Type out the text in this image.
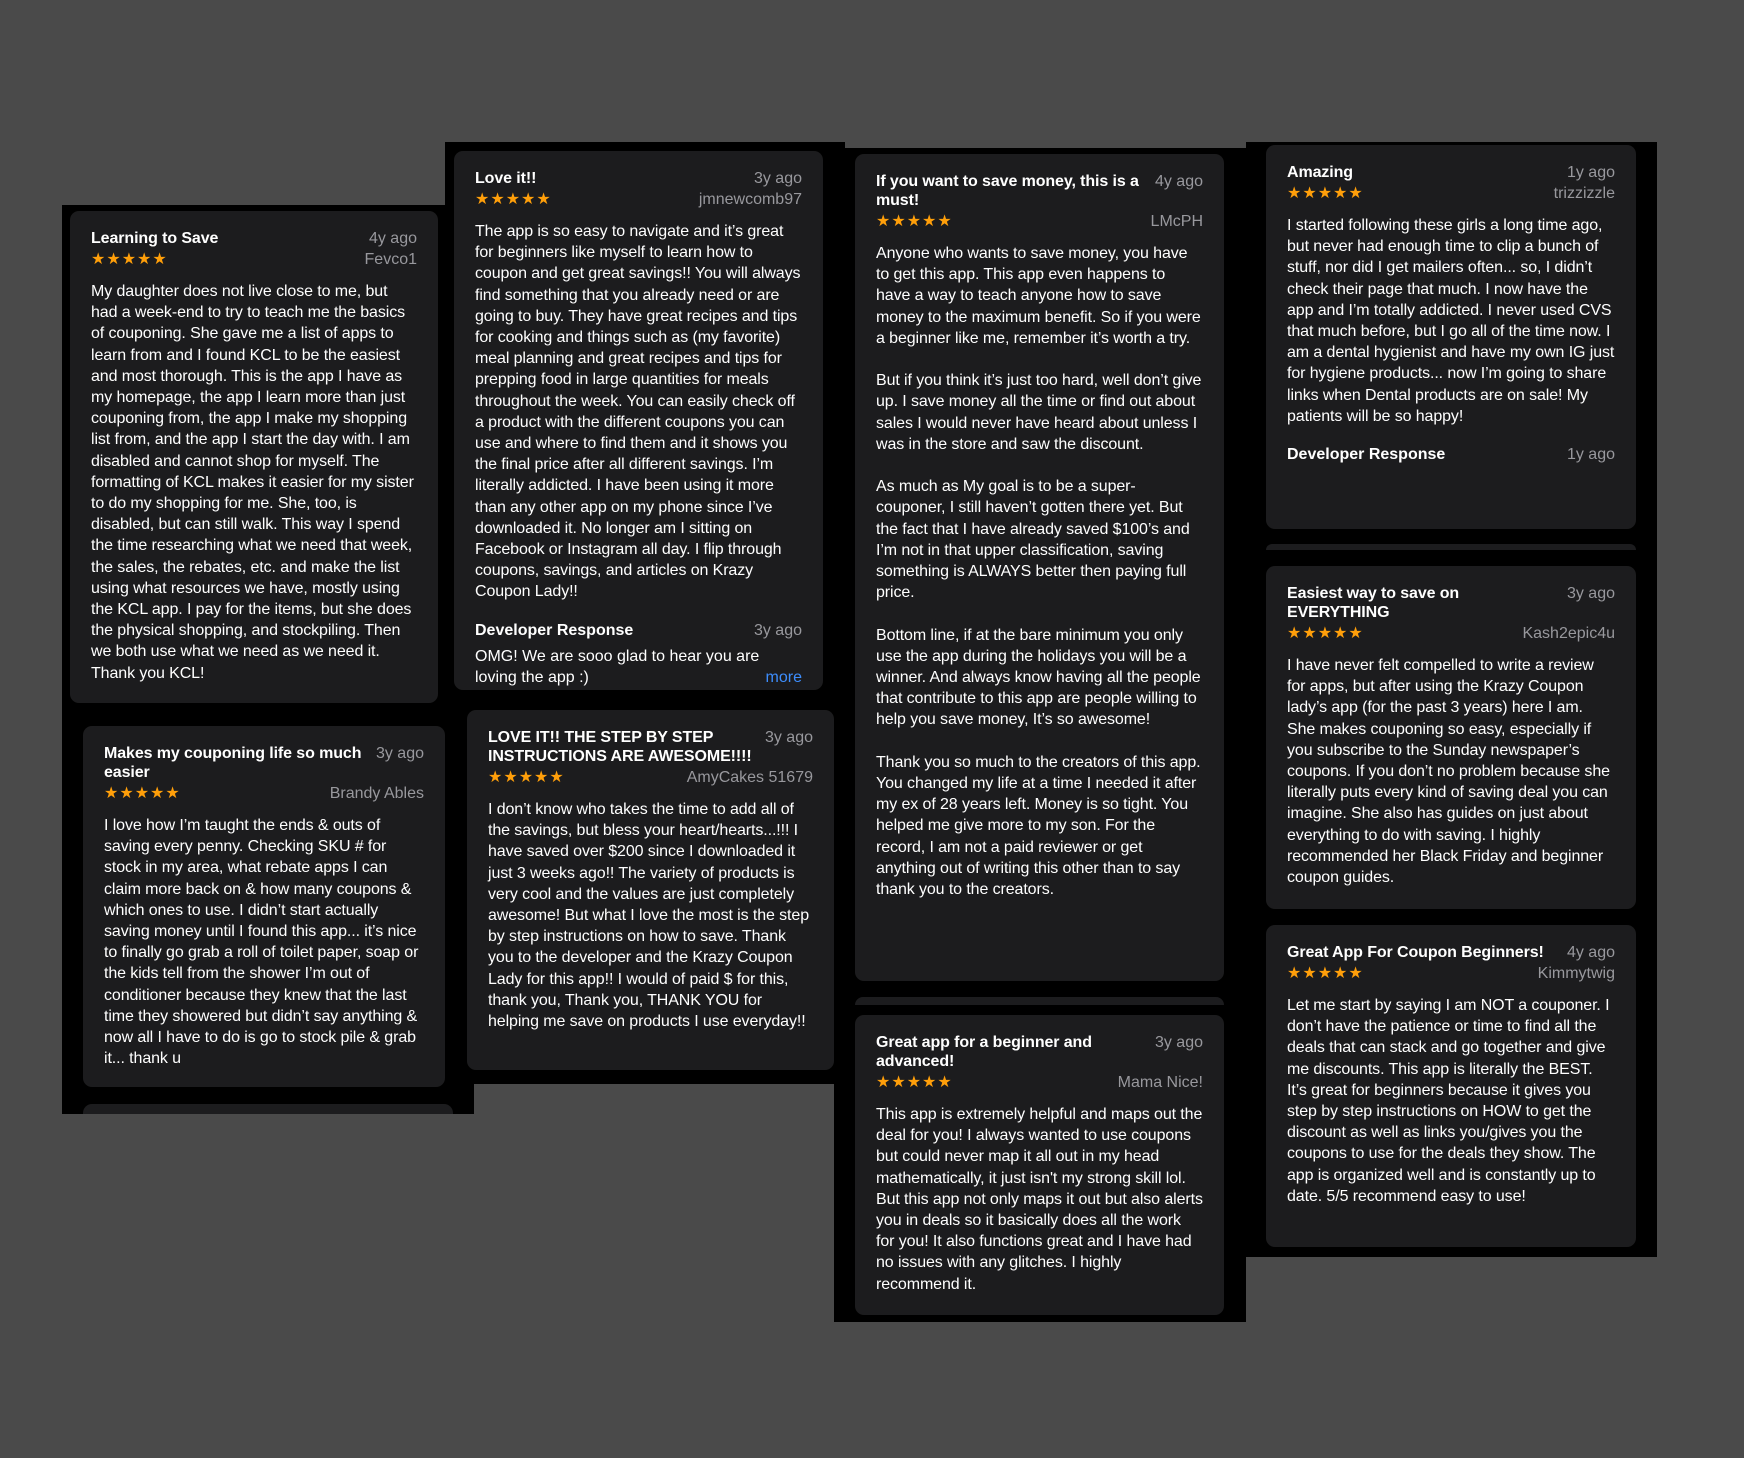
Learning to Save	4y ago
★★★★★	Fevco1
My daughter does not live close to me, but had a week-end to try to teach me the basics of couponing. She gave me a list of apps to learn from and I found KCL to be the easiest and most thorough. This is the app I have as my homepage, the app I learn more than just couponing from, the app I make my shopping list from, and the app I start the day with. I am disabled and cannot shop for myself. The formatting of KCL makes it easier for my sister to do my shopping for me. She, too, is disabled, but can still walk. This way I spend the time researching what we need that week, the sales, the rebates, etc. and make the list using what resources we have, mostly using the KCL app. I pay for the items, but she does the physical shopping, and stockpiling. Then we both use what we need as we need it. Thank you KCL!
Makes my couponing life so much easier
3y ago
★★★★★	Brandy Ables
I love how I’m taught the ends & outs of saving every penny. Checking SKU # for stock in my area, what rebate apps I can claim more back on & how many coupons & which ones to use. I didn’t start actually saving money until I found this app... it’s nice to finally go grab a roll of toilet paper, soap or the kids tell from the shower I’m out of conditioner because they knew that the last time they showered but didn’t say anything & now all I have to do is go to stock pile & grab it... thank u
Love it!!	3y ago
★★★★★	jmnewcomb97
The app is so easy to navigate and it’s great for beginners like myself to learn how to coupon and get great savings!! You will always find something that you already need or are going to buy. They have great recipes and tips for cooking and things such as (my favorite) meal planning and great recipes and tips for prepping food in large quantities for meals throughout the week. You can easily check off a product with the different coupons you can use and where to find them and it shows you the final price after all different savings. I’m literally addicted. I have been using it more than any other app on my phone since I’ve downloaded it. No longer am I sitting on Facebook or Instagram all day. I flip through coupons, savings, and articles on Krazy Coupon Lady!!
Developer Response	3y ago
OMG! We are sooo glad to hear you are loving the app :)	more
LOVE IT!! THE STEP BY STEP INSTRUCTIONS ARE AWESOME!!!!
3y ago
★★★★★	AmyCakes 51679
I don’t know who takes the time to add all of the savings, but bless your heart/hearts...!!! I have saved over $200 since I downloaded it just 3 weeks ago!! The variety of products is very cool and the values are just completely awesome! But what I love the most is the step by step instructions on how to save. Thank you to the developer and the Krazy Coupon Lady for this app!! I would of paid $ for this, thank you, Thank you, THANK YOU for helping me save on products I use everyday!!
If you want to save money, this is a must!
4y ago
★★★★★	LMcPH
Anyone who wants to save money, you have to get this app. This app even happens to have a way to teach anyone how to save money to the maximum benefit. So if you were a beginner like me, remember it’s worth a try.

But if you think it’s just too hard, well don’t give up. I save money all the time or find out about sales I would never have heard about unless I was in the store and saw the discount.

As much as My goal is to be a super-couponer, I still haven’t gotten there yet. But the fact that I have already saved $100’s and I’m not in that upper classification, saving something is ALWAYS better then paying full price.

Bottom line, if at the bare minimum you only use the app during the holidays you will be a winner. And always know having all the people that contribute to this app are people willing to help you save money, It’s so awesome!

Thank you so much to the creators of this app. You changed my life at a time I needed it after my ex of 28 years left. Money is so tight. You helped me give more to my son. For the record, I am not a paid reviewer or get anything out of writing this other than to say thank you to the creators.
Great app for a beginner and advanced!
3y ago
★★★★★	Mama Nice!
This app is extremely helpful and maps out the deal for you! I always wanted to use coupons but could never map it all out in my head mathematically, it just isn't my strong skill lol. But this app not only maps it out but also alerts you in deals so it basically does all the work for you! It also functions great and I have had no issues with any glitches. I highly recommend it.
Amazing	1y ago
★★★★★	trizzizzle
I started following these girls a long time ago, but never had enough time to clip a bunch of stuff, nor did I get mailers often... so, I didn’t check their page that much. I now have the app and I’m totally addicted. I never used CVS that much before, but I go all of the time now. I am a dental hygienist and have my own IG just for hygiene products... now I’m going to share links when Dental products are on sale! My patients will be so happy!
Developer Response	1y ago
Easiest way to save on EVERYTHING
3y ago
★★★★★	Kash2epic4u
I have never felt compelled to write a review for apps, but after using the Krazy Coupon lady’s app (for the past 3 years) here I am. She makes couponing so easy, especially if you subscribe to the Sunday newspaper’s coupons. If you don’t no problem because she literally puts every kind of saving deal you can imagine. She also has guides on just about everything to do with saving. I highly recommended her Black Friday and beginner coupon guides.
Great App For Coupon Beginners! 4y ago
★★★★★	Kimmytwig
Let me start by saying I am NOT a couponer. I don’t have the patience or time to find all the deals that can stack and go together and give me discounts. This app is literally the BEST. It’s great for beginners because it gives you step by step instructions on HOW to get the discount as well as links you/gives you the coupons to use for the deals they show. The app is organized well and is constantly up to date. 5/5 recommend easy to use!
